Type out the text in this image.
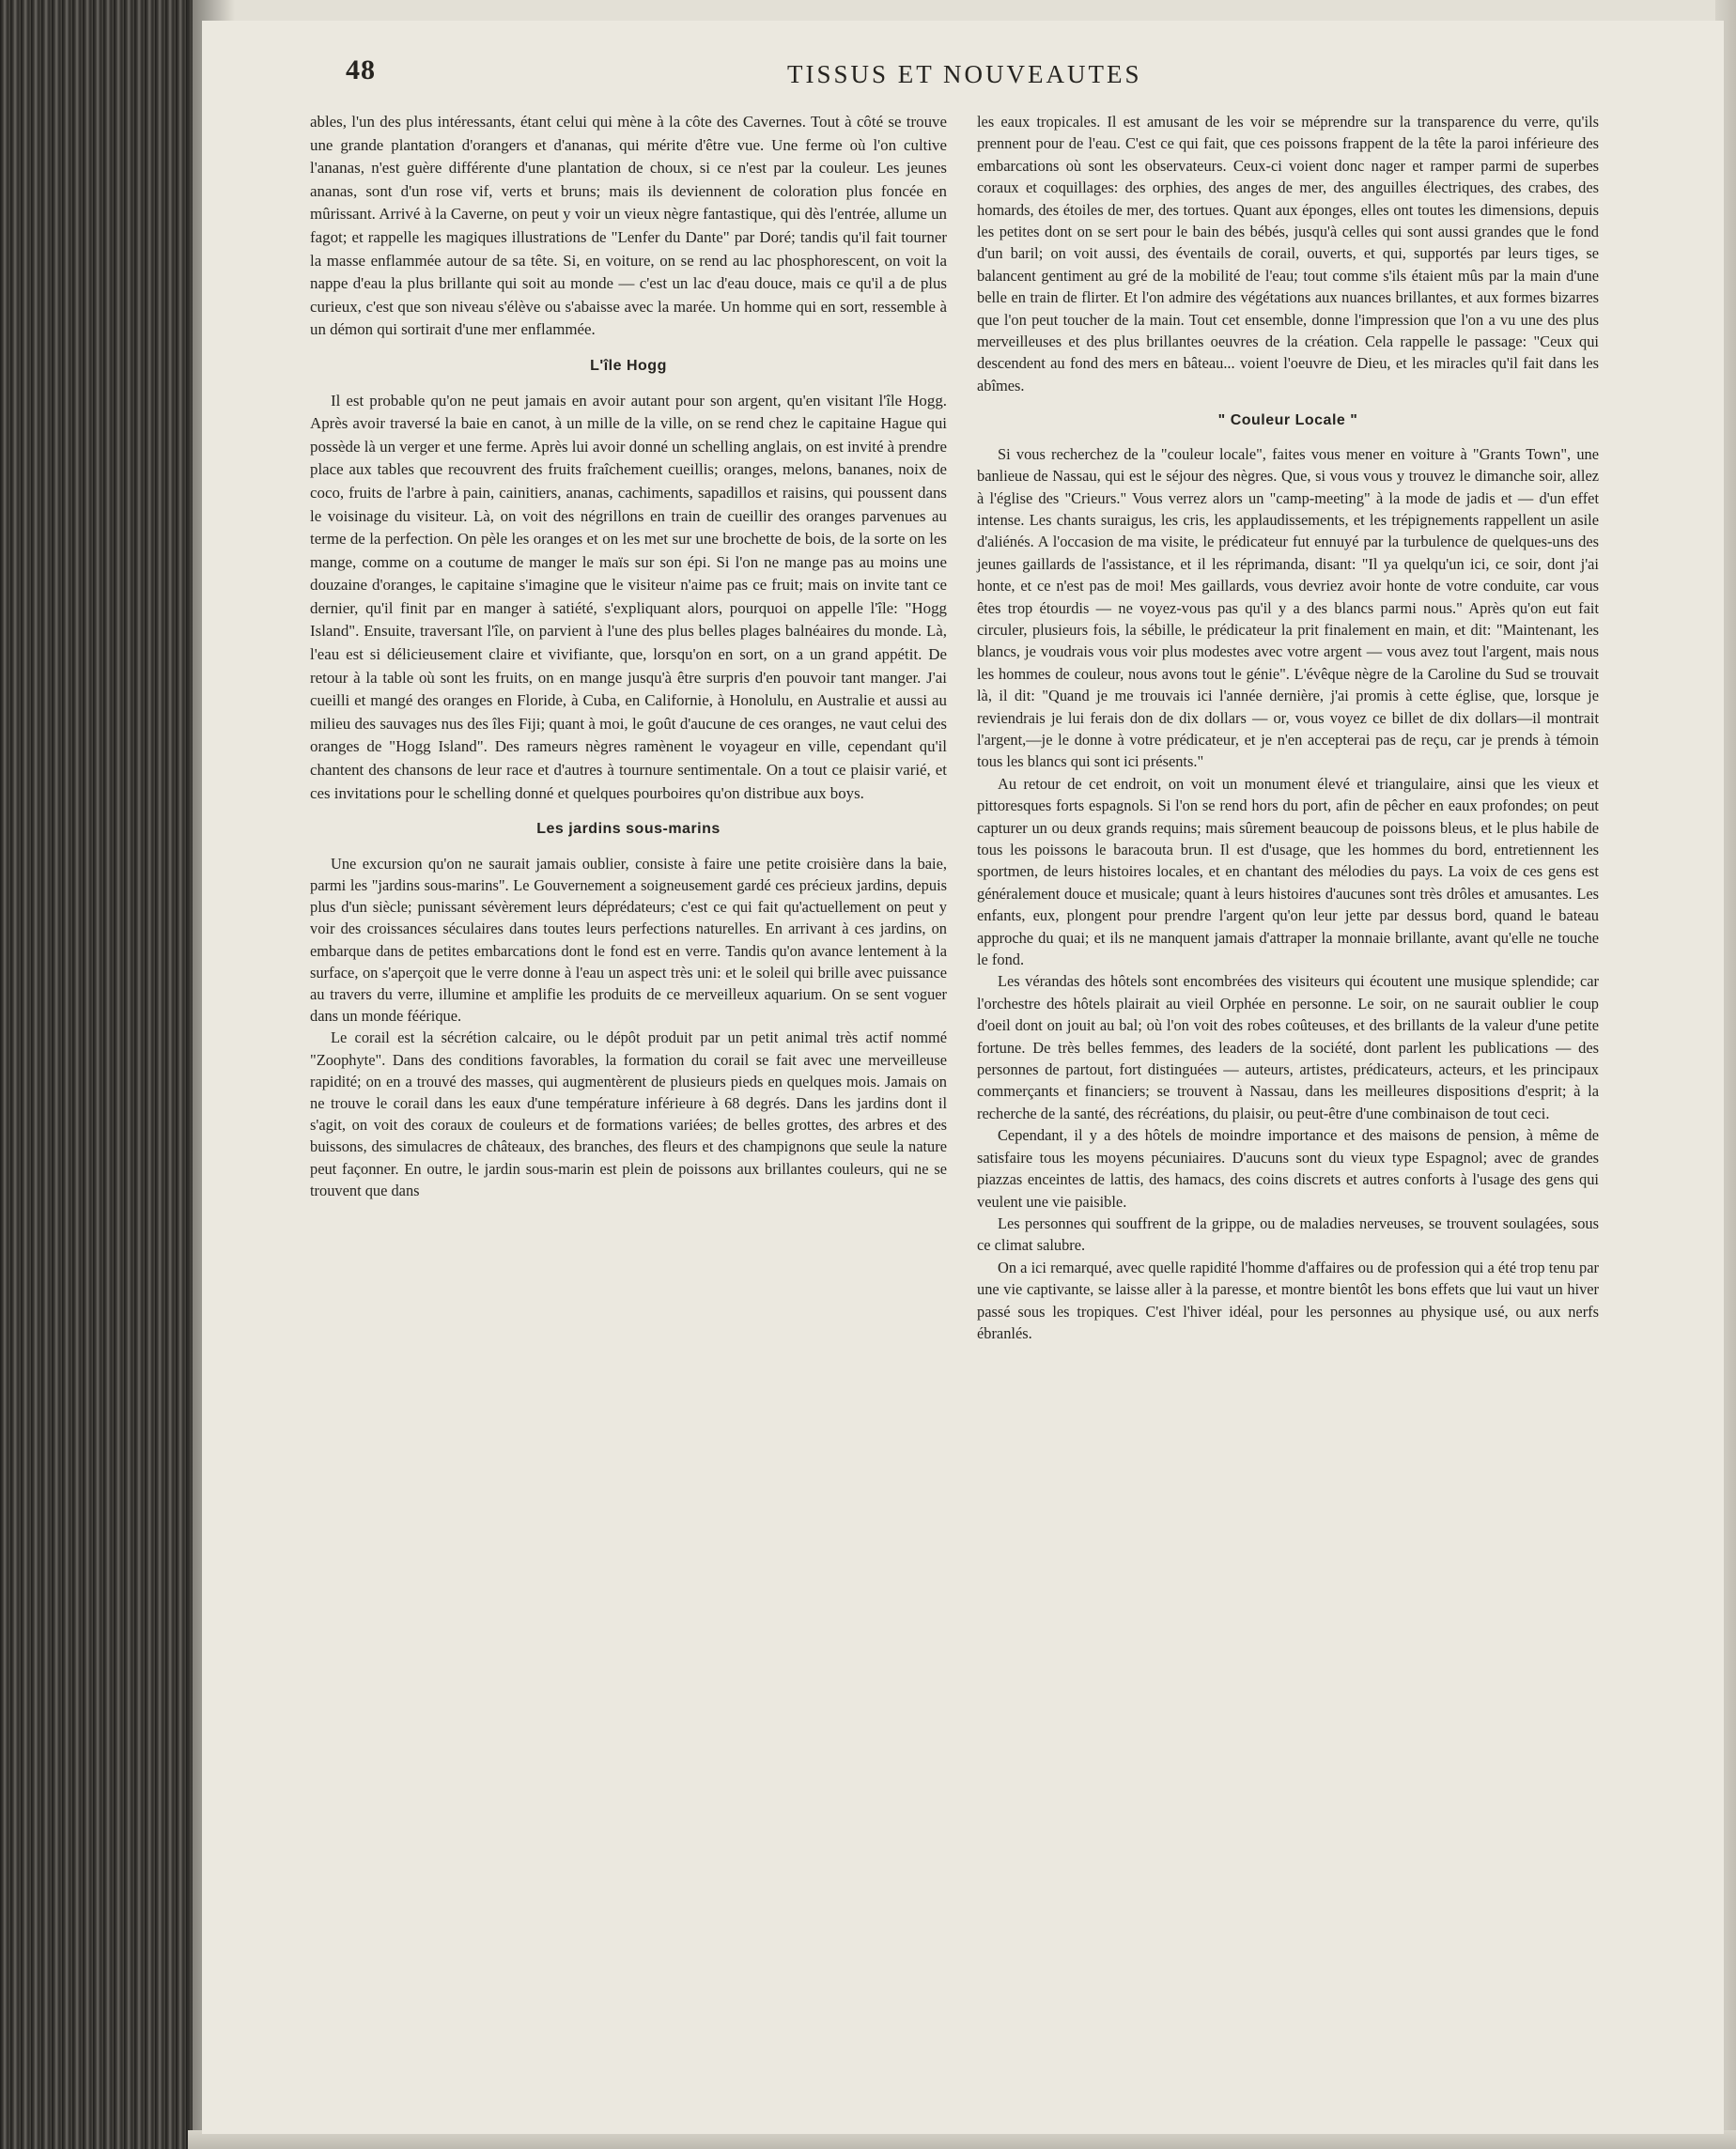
48	TISSUS ET NOUVEAUTES

ables, l'un des plus intéressants, étant celui qui mène à la côte des Cavernes. Tout à côté se trouve une grande plantation d'orangers et d'ananas, qui mérite d'être vue. Une ferme où l'on cultive l'ananas, n'est guère différente d'une plantation de choux, si ce n'est par la couleur. Les jeunes ananas, sont d'un rose vif, verts et bruns; mais ils deviennent de coloration plus foncée en mûrissant. Arrivé à la Caverne, on peut y voir un vieux nègre fantastique, qui dès l'entrée, allume un fagot; et rappelle les magiques illustrations de "Lenfer du Dante" par Doré; tandis qu'il fait tourner la masse enflammée autour de sa tête. Si, en voiture, on se rend au lac phosphorescent, on voit la nappe d'eau la plus brillante qui soit au monde — c'est un lac d'eau douce, mais ce qu'il a de plus curieux, c'est que son niveau s'élève ou s'abaisse avec la marée. Un homme qui en sort, ressemble à un démon qui sortirait d'une mer enflammée.

L'île Hogg

Il est probable qu'on ne peut jamais en avoir autant pour son argent, qu'en visitant l'île Hogg. Après avoir traversé la baie en canot, à un mille de la ville, on se rend chez le capitaine Hague qui possède là un verger et une ferme. Après lui avoir donné un schelling anglais, on est invité à prendre place aux tables que recouvrent des fruits fraîchement cueillis; oranges, melons, bananes, noix de coco, fruits de l'arbre à pain, cainitiers, ananas, cachiments, sapadillos et raisins, qui poussent dans le voisinage du visiteur. Là, on voit des négrillons en train de cueillir des oranges parvenues au terme de la perfection. On pèle les oranges et on les met sur une brochette de bois, de la sorte on les mange, comme on a coutume de manger le maïs sur son épi. Si l'on ne mange pas au moins une douzaine d'oranges, le capitaine s'imagine que le visiteur n'aime pas ce fruit; mais on invite tant ce dernier, qu'il finit par en manger à satiété, s'expliquant alors, pourquoi on appelle l'île: "Hogg Island". Ensuite, traversant l'île, on parvient à l'une des plus belles plages balnéaires du monde. Là, l'eau est si délicieusement claire et vivifiante, que, lorsqu'on en sort, on a un grand appétit. De retour à la table où sont les fruits, on en mange jusqu'à être surpris d'en pouvoir tant manger. J'ai cueilli et mangé des oranges en Floride, à Cuba, en Californie, à Honolulu, en Australie et aussi au milieu des sauvages nus des îles Fiji; quant à moi, le goût d'aucune de ces oranges, ne vaut celui des oranges de "Hogg Island". Des rameurs nègres ramènent le voyageur en ville, cependant qu'il chantent des chansons de leur race et d'autres à tournure sentimentale. On a tout ce plaisir varié, et ces invitations pour le schelling donné et quelques pourboires qu'on distribue aux boys.

Les jardins sous-marins

Une excursion qu'on ne saurait jamais oublier, consiste à faire une petite croisière dans la baie, parmi les "jardins sous-marins". Le Gouvernement a soigneusement gardé ces précieux jardins, depuis plus d'un siècle; punissant sévèrement leurs déprédateurs; c'est ce qui fait qu'actuellement on peut y voir des croissances séculaires dans toutes leurs perfections naturelles. En arrivant à ces jardins, on embarque dans de petites embarcations dont le fond est en verre. Tandis qu'on avance lentement à la surface, on s'aperçoit que le verre donne à l'eau un aspect très uni: et le soleil qui brille avec puissance au travers du verre, illumine et amplifie les produits de ce merveilleux aquarium. On se sent voguer dans un monde féérique.

Le corail est la sécrétion calcaire, ou le dépôt produit par un petit animal très actif nommé "Zoophyte". Dans des conditions favorables, la formation du corail se fait avec une merveilleuse rapidité; on en a trouvé des masses, qui augmentèrent de plusieurs pieds en quelques mois. Jamais on ne trouve le corail dans les eaux d'une température inférieure à 68 degrés. Dans les jardins dont il s'agit, on voit des coraux de couleurs et de formations variées; de belles grottes, des arbres et des buissons, des simulacres de châteaux, des branches, des fleurs et des champignons que seule la nature peut façonner. En outre, le jardin sous-marin est plein de poissons aux brillantes couleurs, qui ne se trouvent que dans

les eaux tropicales. Il est amusant de les voir se méprendre sur la transparence du verre, qu'ils prennent pour de l'eau. C'est ce qui fait, que ces poissons frappent de la tête la paroi inférieure des embarcations où sont les observateurs. Ceux-ci voient donc nager et ramper parmi de superbes coraux et coquillages: des orphies, des anges de mer, des anguilles électriques, des crabes, des homards, des étoiles de mer, des tortues. Quant aux éponges, elles ont toutes les dimensions, depuis les petites dont on se sert pour le bain des bébés, jusqu'à celles qui sont aussi grandes que le fond d'un baril; on voit aussi, des éventails de corail, ouverts, et qui, supportés par leurs tiges, se balancent gentiment au gré de la mobilité de l'eau; tout comme s'ils étaient mûs par la main d'une belle en train de flirter. Et l'on admire des végétations aux nuances brillantes, et aux formes bizarres que l'on peut toucher de la main. Tout cet ensemble, donne l'impression que l'on a vu une des plus merveilleuses et des plus brillantes oeuvres de la création. Cela rappelle le passage: "Ceux qui descendent au fond des mers en bâteau... voient l'oeuvre de Dieu, et les miracles qu'il fait dans les abîmes.

" Couleur Locale "

Si vous recherchez de la "couleur locale", faites vous mener en voiture à "Grants Town", une banlieue de Nassau, qui est le séjour des nègres. Que, si vous vous y trouvez le dimanche soir, allez à l'église des "Crieurs." Vous verrez alors un "camp-meeting" à la mode de jadis et — d'un effet intense. Les chants suraigus, les cris, les applaudissements, et les trépignements rappellent un asile d'aliénés. A l'occasion de ma visite, le prédicateur fut ennuyé par la turbulence de quelques-uns des jeunes gaillards de l'assistance, et il les réprimanda, disant: "Il ya quelqu'un ici, ce soir, dont j'ai honte, et ce n'est pas de moi! Mes gaillards, vous devriez avoir honte de votre conduite, car vous êtes trop étourdis — ne voyez-vous pas qu'il y a des blancs parmi nous." Après qu'on eut fait circuler, plusieurs fois, la sébille, le prédicateur la prit finalement en main, et dit: "Maintenant, les blancs, je voudrais vous voir plus modestes avec votre argent — vous avez tout l'argent, mais nous les hommes de couleur, nous avons tout le génie". L'évêque nègre de la Caroline du Sud se trouvait là, il dit: "Quand je me trouvais ici l'année dernière, j'ai promis à cette église, que, lorsque je reviendrais je lui ferais don de dix dollars — or, vous voyez ce billet de dix dollars—il montrait l'argent,—je le donne à votre prédicateur, et je n'en accepterai pas de reçu, car je prends à témoin tous les blancs qui sont ici présents."

Au retour de cet endroit, on voit un monument élevé et triangulaire, ainsi que les vieux et pittoresques forts espagnols. Si l'on se rend hors du port, afin de pêcher en eaux profondes; on peut capturer un ou deux grands requins; mais sûrement beaucoup de poissons bleus, et le plus habile de tous les poissons le baracouta brun. Il est d'usage, que les hommes du bord, entretiennent les sportmen, de leurs histoires locales, et en chantant des mélodies du pays. La voix de ces gens est généralement douce et musicale; quant à leurs histoires d'aucunes sont très drôles et amusantes. Les enfants, eux, plongent pour prendre l'argent qu'on leur jette par dessus bord, quand le bateau approche du quai; et ils ne manquent jamais d'attraper la monnaie brillante, avant qu'elle ne touche le fond.

Les vérandas des hôtels sont encombrées des visiteurs qui écoutent une musique splendide; car l'orchestre des hôtels plairait au vieil Orphée en personne. Le soir, on ne saurait oublier le coup d'oeil dont on jouit au bal; où l'on voit des robes coûteuses, et des brillants de la valeur d'une petite fortune. De très belles femmes, des leaders de la société, dont parlent les publications — des personnes de partout, fort distinguées — auteurs, artistes, prédicateurs, acteurs, et les principaux commerçants et financiers; se trouvent à Nassau, dans les meilleures dispositions d'esprit; à la recherche de la santé, des récréations, du plaisir, ou peut-être d'une combinaison de tout ceci.

Cependant, il y a des hôtels de moindre importance et des maisons de pension, à même de satisfaire tous les moyens pécuniaires. D'aucuns sont du vieux type Espagnol; avec de grandes piazzas enceintes de lattis, des hamacs, des coins discrets et autres conforts à l'usage des gens qui veulent une vie paisible.

Les personnes qui souffrent de la grippe, ou de maladies nerveuses, se trouvent soulagées, sous ce climat salubre.

On a ici remarqué, avec quelle rapidité l'homme d'affaires ou de profession qui a été trop tenu par une vie captivante, se laisse aller à la paresse, et montre bientôt les bons effets que lui vaut un hiver passé sous les tropiques. C'est l'hiver idéal, pour les personnes au physique usé, ou aux nerfs ébranlés.
